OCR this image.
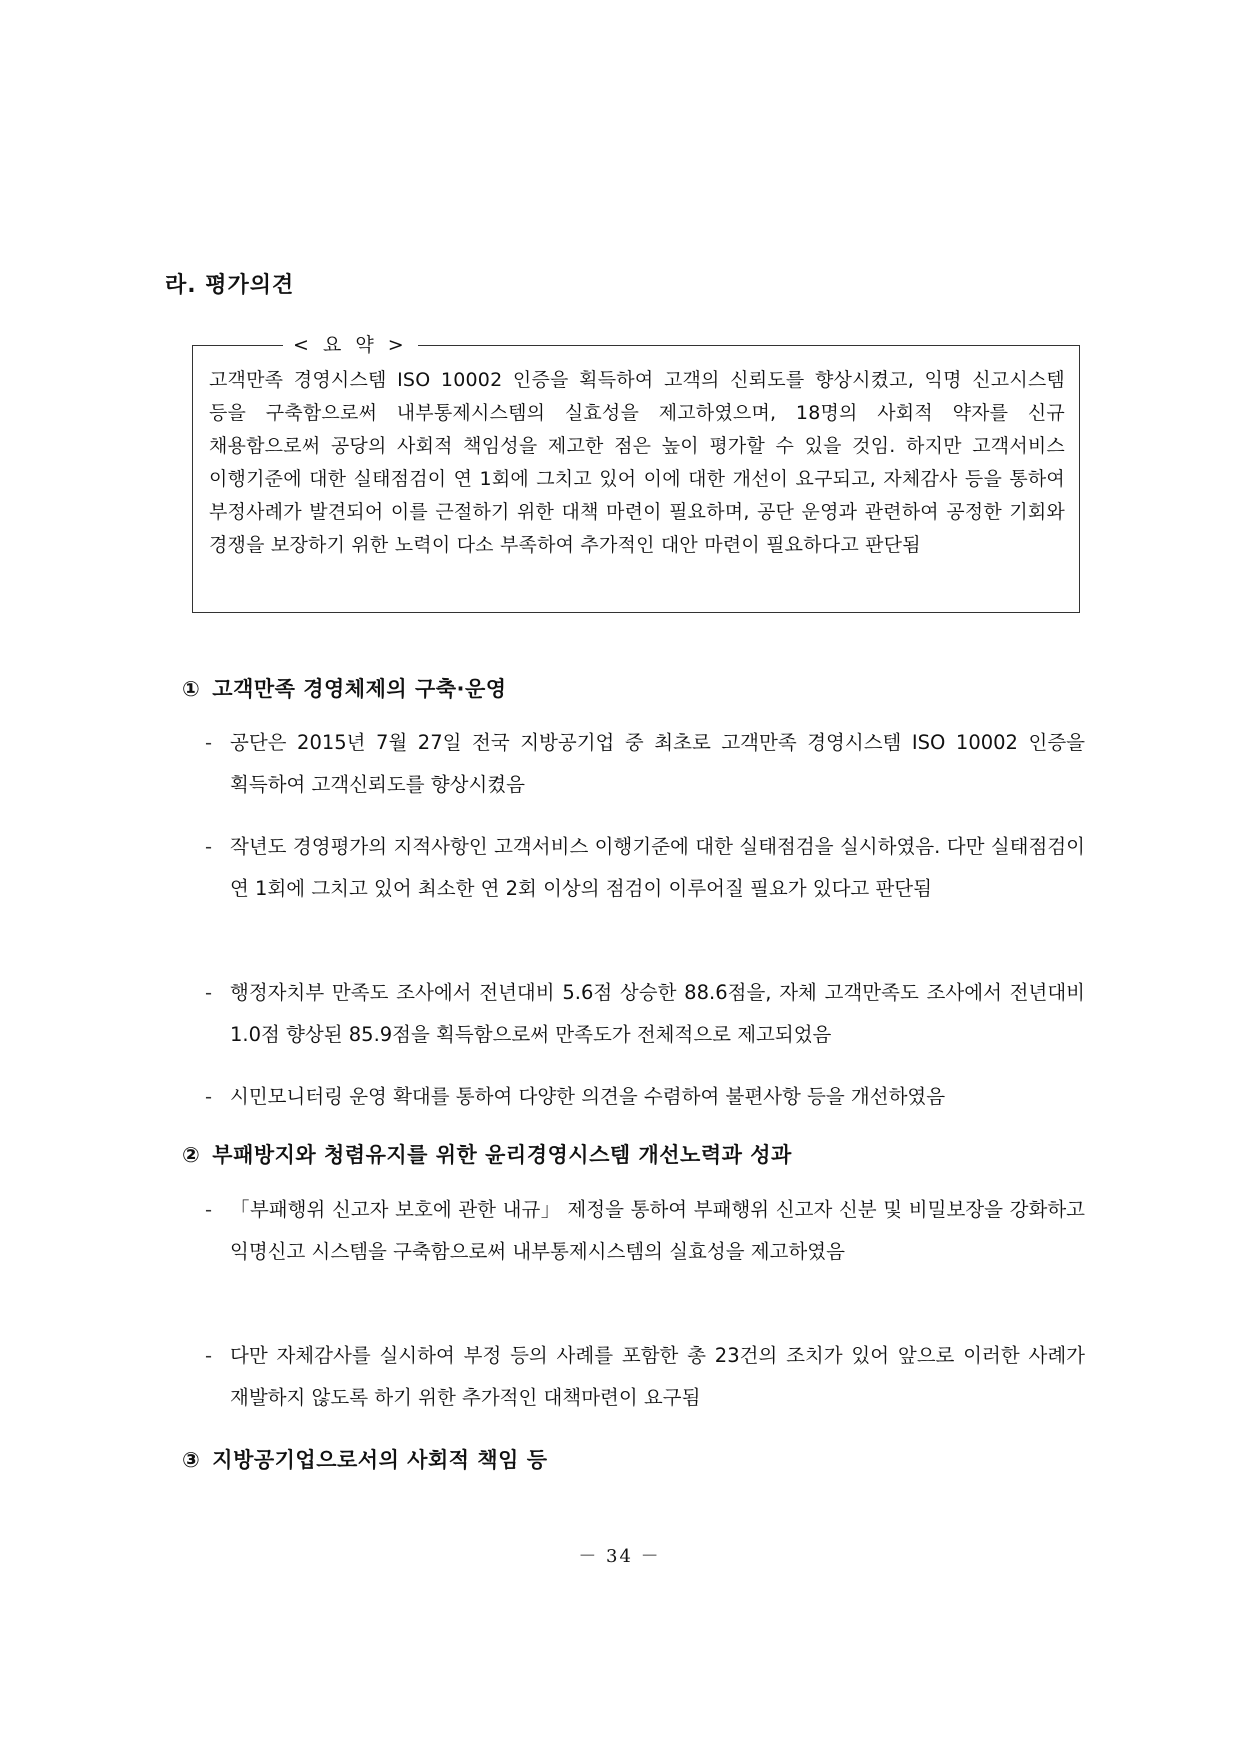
라. 평가의견
< 요 약 >
고객만족 경영시스템 ISO 10002 인증을 획득하여 고객의 신뢰도를 향상시켰고, 익명 신고시스템 등을 구축함으로써 내부통제시스템의 실효성을 제고하였으며, 18명의 사회적 약자를 신규 채용함으로써 공당의 사회적 책임성을 제고한 점은 높이 평가할 수 있을 것임. 하지만 고객서비스 이행기준에 대한 실태점검이 연 1회에 그치고 있어 이에 대한 개선이 요구되고, 자체감사 등을 통하여 부정사례가 발견되어 이를 근절하기 위한 대책 마련이 필요하며, 공단 운영과 관련하여 공정한 기회와 경쟁을 보장하기 위한 노력이 다소 부족하여 추가적인 대안 마련이 필요하다고 판단됨
① 고객만족 경영체제의 구축·운영
- 공단은 2015년 7월 27일 전국 지방공기업 중 최초로 고객만족 경영시스템 ISO 10002 인증을 획득하여 고객신뢰도를 향상시켰음
- 작년도 경영평가의 지적사항인 고객서비스 이행기준에 대한 실태점검을 실시하였음. 다만 실태점검이 연 1회에 그치고 있어 최소한 연 2회 이상의 점검이 이루어질 필요가 있다고 판단됨
- 행정자치부 만족도 조사에서 전년대비 5.6점 상승한 88.6점을, 자체 고객만족도 조사에서 전년대비 1.0점 향상된 85.9점을 획득함으로써 만족도가 전체적으로 제고되었음
- 시민모니터링 운영 확대를 통하여 다양한 의견을 수렴하여 불편사항 등을 개선하였음
② 부패방지와 청렴유지를 위한 윤리경영시스템 개선노력과 성과
- 「부패행위 신고자 보호에 관한 내규」 제정을 통하여 부패행위 신고자 신분 및 비밀보장을 강화하고 익명신고 시스템을 구축함으로써 내부통제시스템의 실효성을 제고하였음
- 다만 자체감사를 실시하여 부정 등의 사례를 포함한 총 23건의 조치가 있어 앞으로 이러한 사례가 재발하지 않도록 하기 위한 추가적인 대책마련이 요구됨
③ 지방공기업으로서의 사회적 책임 등
－ 34 －
